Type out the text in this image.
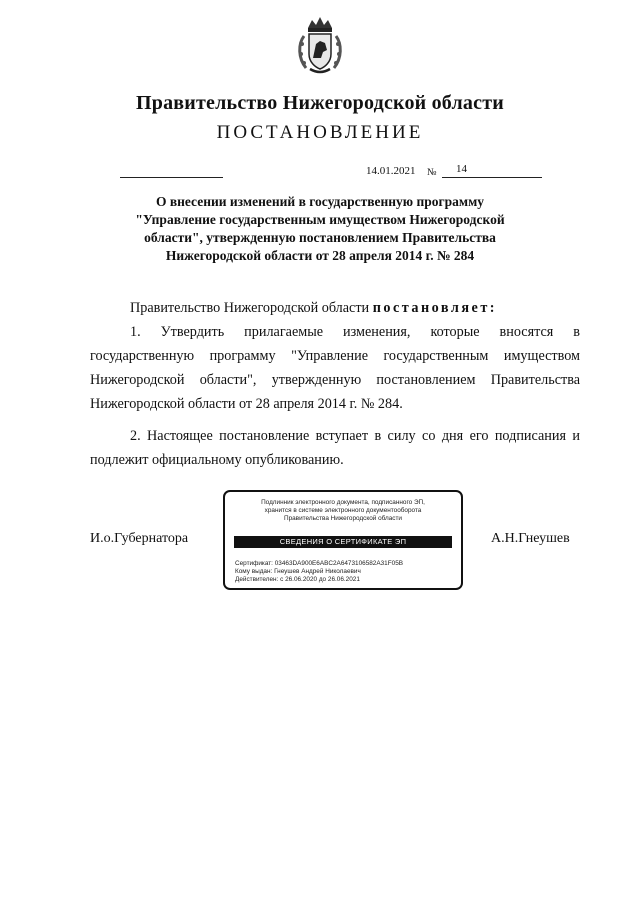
Правительство Нижегородской области
ПОСТАНОВЛЕНИЕ
14.01.2021 № 14
О внесении изменений в государственную программу
"Управление государственным имуществом Нижегородской
области", утвержденную постановлением Правительства
Нижегородской области от 28 апреля 2014 г. № 284
Правительство Нижегородской области постановляет:
1. Утвердить прилагаемые изменения, которые вносятся в государственную программу "Управление государственным имуществом Нижегородской области", утвержденную постановлением Правительства Нижегородской области от 28 апреля 2014 г. № 284.
2. Настоящее постановление вступает в силу со дня его подписания и подлежит официальному опубликованию.
И.о.Губернатора	А.Н.Гнеушев
Подлинник электронного документа, подписанного ЭП,
хранится в системе электронного документооборота
Правительства Нижегородской области
СВЕДЕНИЯ О СЕРТИФИКАТЕ ЭП
Сертификат: 03463DA900E6ABC2A6473106582A31F05B
Кому выдан: Гнеушев Андрей Николаевич
Действителен: с 26.06.2020 до 26.06.2021
